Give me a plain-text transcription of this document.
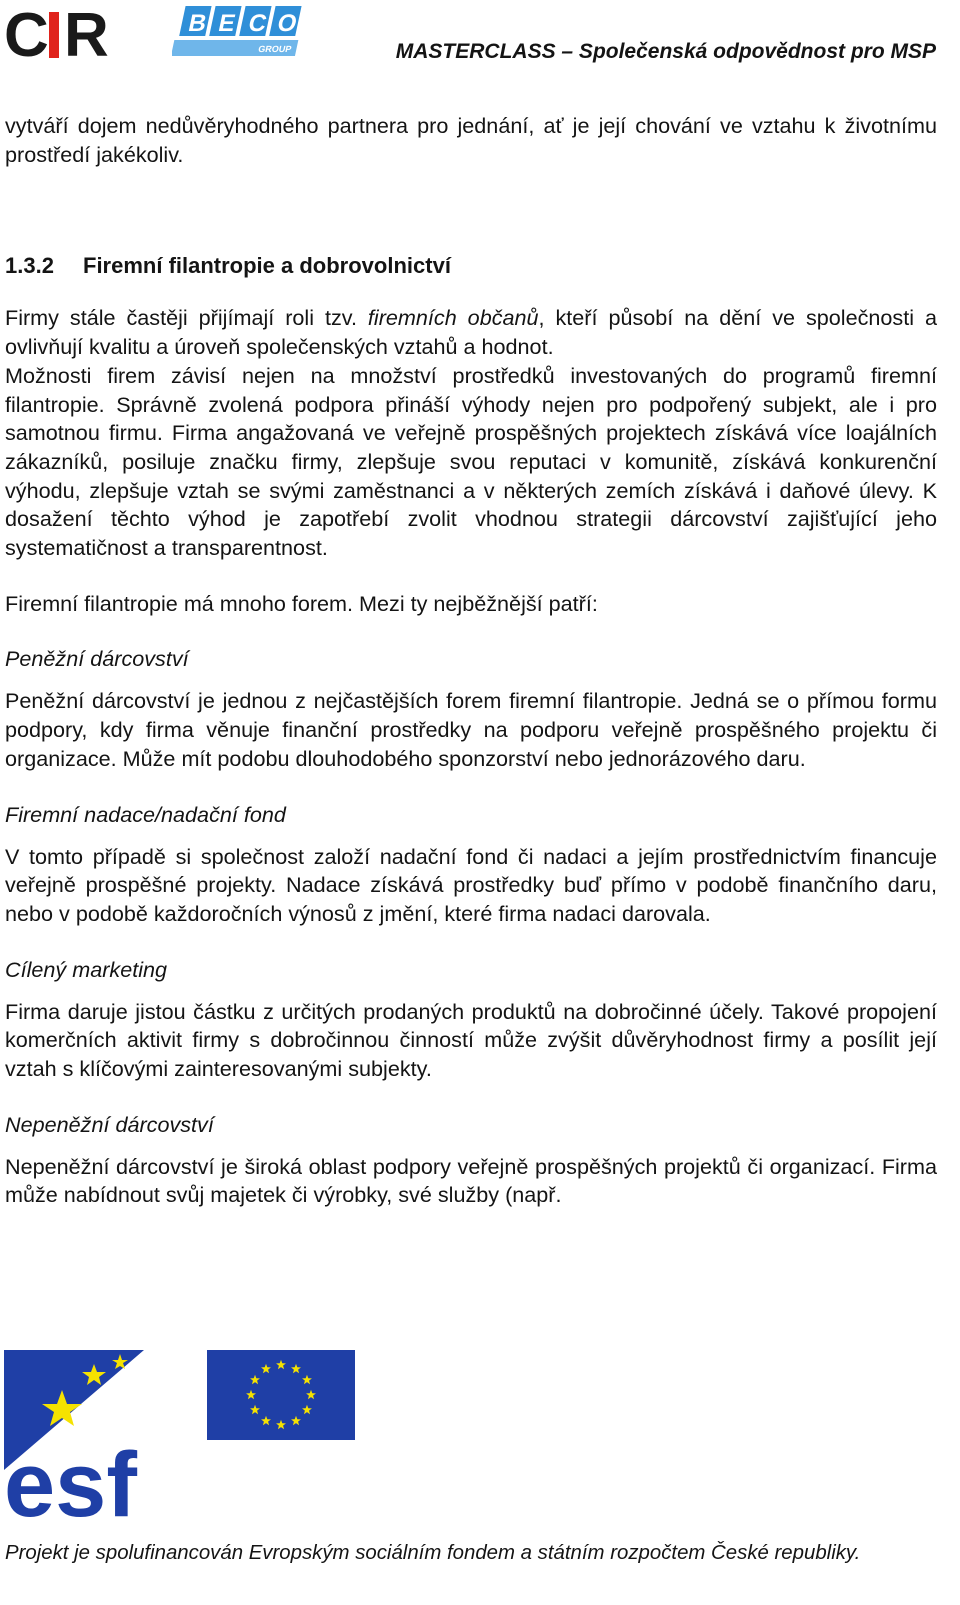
C R	B E C O
GROUP	MASTERCLASS – Společenská odpovědnost pro MSP

vytváří dojem nedůvěryhodného partnera pro jednání, ať je její chování ve vztahu k životnímu prostředí jakékoliv.

1.3.2 Firemní filantropie a dobrovolnictví

Firmy stále častěji přijímají roli tzv. firemních občanů, kteří působí na dění ve společnosti a ovlivňují kvalitu a úroveň společenských vztahů a hodnot.

Možnosti firem závisí nejen na množství prostředků investovaných do programů firemní filantropie. Správně zvolená podpora přináší výhody nejen pro podpořený subjekt, ale i pro samotnou firmu. Firma angažovaná ve veřejně prospěšných projektech získává více loajálních zákazníků, posiluje značku firmy, zlepšuje svou reputaci v komunitě, získává konkurenční výhodu, zlepšuje vztah se svými zaměstnanci a v některých zemích získává i daňové úlevy. K dosažení těchto výhod je zapotřebí zvolit vhodnou strategii dárcovství zajišťující jeho systematičnost a transparentnost.

Firemní filantropie má mnoho forem. Mezi ty nejběžnější patří:

Peněžní dárcovství

Peněžní dárcovství je jednou z nejčastějších forem firemní filantropie. Jedná se o přímou formu podpory, kdy firma věnuje finanční prostředky na podporu veřejně prospěšného projektu či organizace. Může mít podobu dlouhodobého sponzorství nebo jednorázového daru.

Firemní nadace/nadační fond

V tomto případě si společnost založí nadační fond či nadaci a jejím prostřednictvím financuje veřejně prospěšné projekty. Nadace získává prostředky buď přímo v podobě finančního daru, nebo v podobě každoročních výnosů z jmění, které firma nadaci darovala.

Cílený marketing

Firma daruje jistou částku z určitých prodaných produktů na dobročinné účely. Takové propojení komerčních aktivit firmy s dobročinnou činností může zvýšit důvěryhodnost firmy a posílit její vztah s klíčovými zainteresovanými subjekty.

Nepeněžní dárcovství

Nepeněžní dárcovství je široká oblast podpory veřejně prospěšných projektů či organizací. Firma může nabídnout svůj majetek či výrobky, své služby (např.

esf
Projekt je spolufinancován Evropským sociálním fondem a státním rozpočtem České republiky.
